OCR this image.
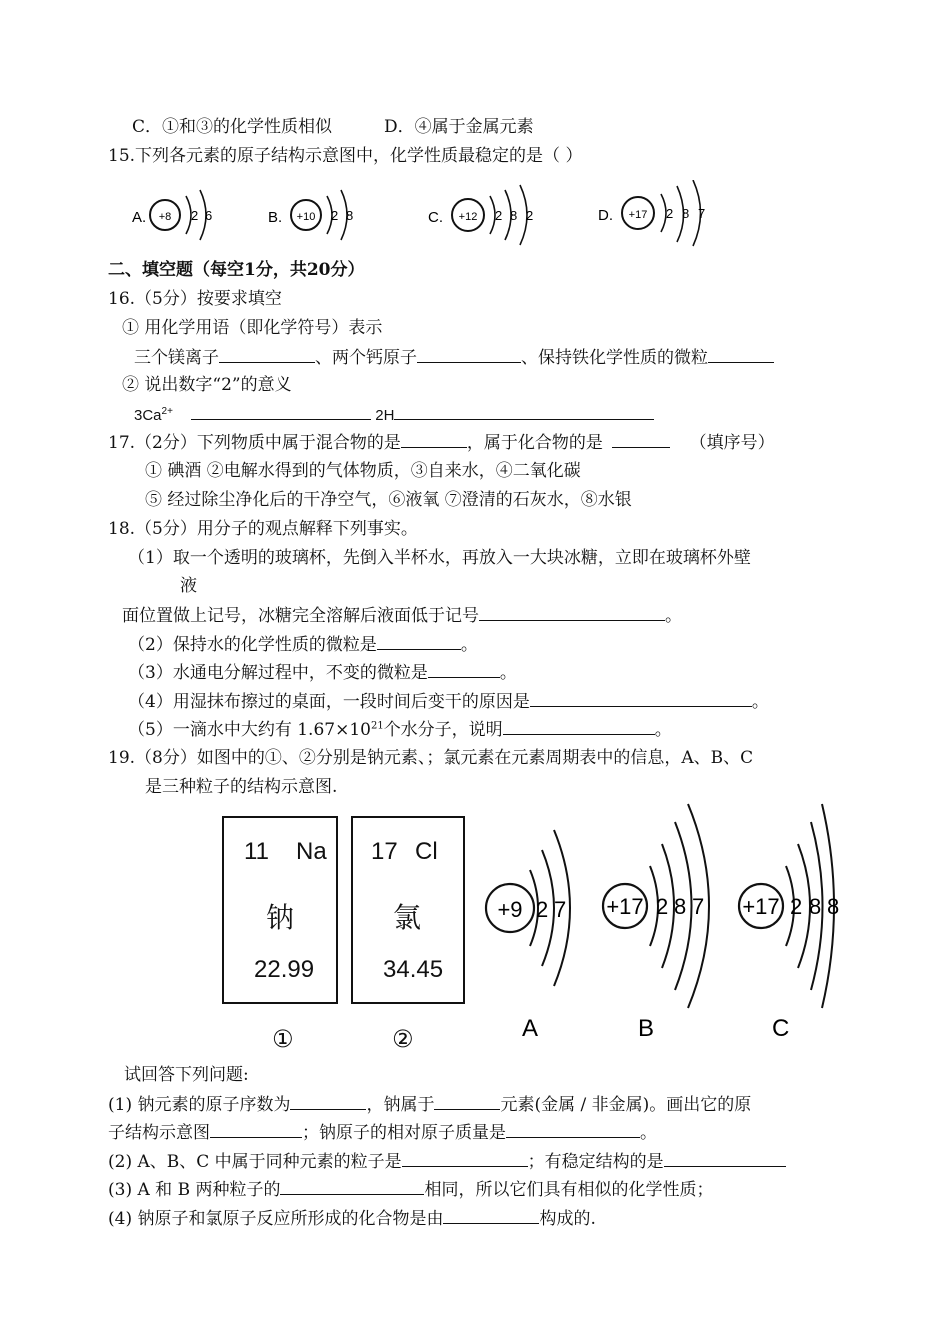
C．①和③的化学性质相似	D．④属于金属元素
15.下列各元素的原子结构示意图中，化学性质最稳定的是（ ）
A. +8 2 6	B. +10 2 8	C. +12 2 8 2	D. +17 2 8 7
二、填空题（每空1分，共20分）
16.（5分）按要求填空
① 用化学用语（即化学符号）表示
三个镁离子	、两个钙原子	、保持铁化学性质的微粒
② 说出数字“2”的意义
$3Ca^{2+}$	2H
17.（2分）下列物质中属于混合物的是	，属于化合物的是	（填序号）
① 碘酒 ②电解水得到的气体物质，③自来水，④二氧化碳
⑤ 经过除尘净化后的干净空气，⑥液氧 ⑦澄清的石灰水，⑧水银
18.（5分）用分子的观点解释下列事实。
（1）取一个透明的玻璃杯，先倒入半杯水，再放入一大块冰糖，立即在玻璃杯外壁
液
面位置做上记号，冰糖完全溶解后液面低于记号	。
（2）保持水的化学性质的微粒是	。
（3）水通电分解过程中，不变的微粒是	。
（4）用湿抹布擦过的桌面，一段时间后变干的原因是	。
（5）一滴水中大约有 $1.67\times 10^{21}$个水分子，说明	。
19.（8分）如图中的①、②分别是钠元素、；氯元素在元素周期表中的信息，A、B、C
是三种粒子的结构示意图.
11 Na
钠
22.99
17 Cl
氯
34.45
①	②
+9 2 7
A
+17 2 8 7
B
+17 2 8 8
C
试回答下列问题:
(1) 钠元素的原子序数为	，钠属于	元素(金属 / 非金属)。画出它的原
子结构示意图	；钠原子的相对原子质量是	。
(2) A、B、C 中属于同种元素的粒子是	；有稳定结构的是
(3) A 和 B 两种粒子的	相同，所以它们具有相似的化学性质；
(4) 钠原子和氯原子反应所形成的化合物是由	构成的.
